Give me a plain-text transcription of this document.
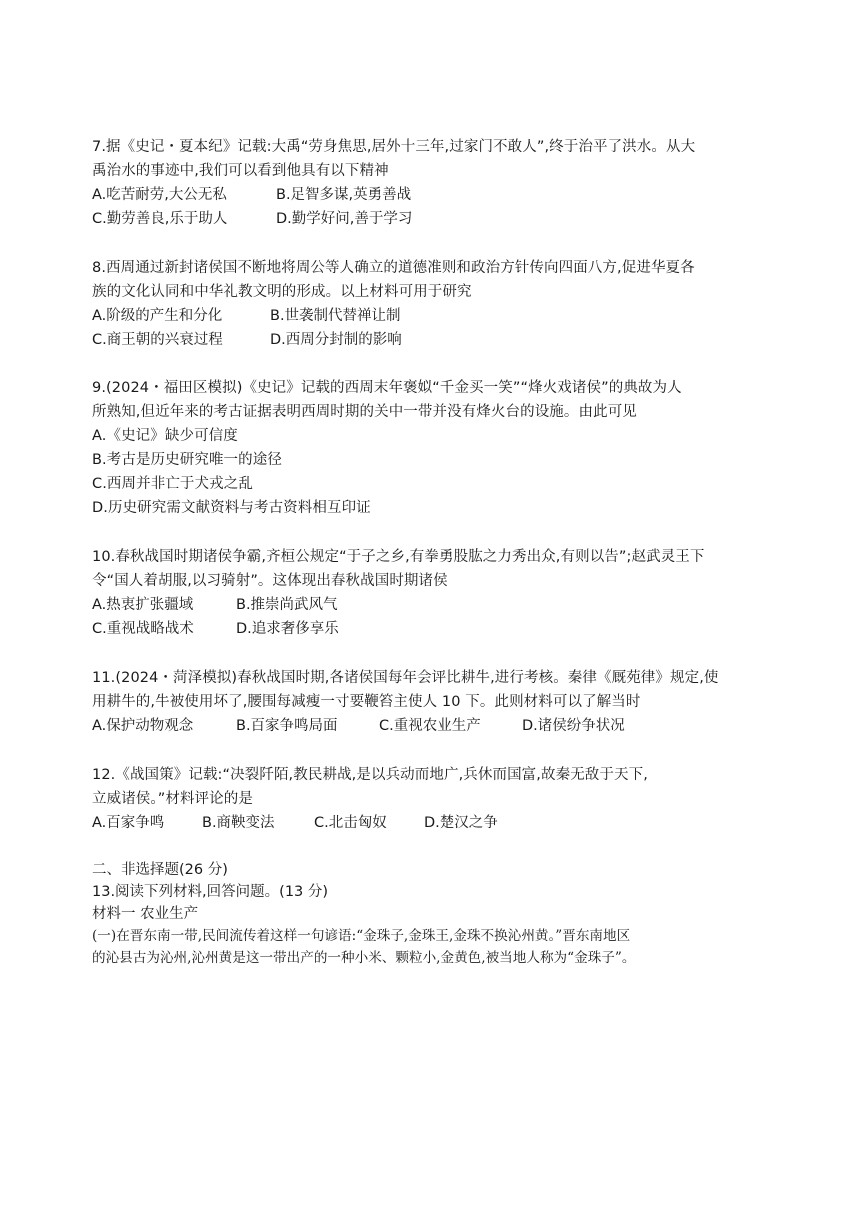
7.据《史记・夏本纪》记载:大禹“劳身焦思,居外十三年,过家门不敢人”,终于治平了洪水。从大
禹治水的事迹中,我们可以看到他具有以下精神
A.吃苦耐劳,大公无私	B.足智多谋,英勇善战
C.勤劳善良,乐于助人	D.勤学好问,善于学习
8.西周通过新封诸侯国不断地将周公等人确立的道德准则和政治方针传向四面八方,促进华夏各
族的文化认同和中华礼教文明的形成。以上材料可用于研究
A.阶级的产生和分化	B.世袭制代替禅让制
C.商王朝的兴衰过程	D.西周分封制的影响
9.(2024・福田区模拟)《史记》记载的西周末年褒姒“千金买一笑”“烽火戏诸侯”的典故为人
所熟知,但近年来的考古证据表明西周时期的关中一带并没有烽火台的设施。由此可见
A.《史记》缺少可信度
B.考古是历史研究唯一的途径
C.西周并非亡于犬戎之乱
D.历史研究需文献资料与考古资料相互印证
10.春秋战国时期诸侯争霸,齐桓公规定“于子之乡,有拳勇股肱之力秀出众,有则以告”;赵武灵王下
令“国人着胡服,以习骑射”。这体现出春秋战国时期诸侯
A.热衷扩张疆域	B.推崇尚武风气
C.重视战略战术	D.追求奢侈享乐
11.(2024・菏泽模拟)春秋战国时期,各诸侯国每年会评比耕牛,进行考核。秦律《厩苑律》规定,使
用耕牛的,牛被使用坏了,腰围每减瘦一寸要鞭笞主使人 10 下。此则材料可以了解当时
A.保护动物观念	B.百家争鸣局面	C.重视农业生产	D.诸侯纷争状况
12.《战国策》记载:“决裂阡陌,教民耕战,是以兵动而地广,兵休而国富,故秦无敌于天下,
立威诸侯。”材料评论的是
A.百家争鸣	B.商鞅变法	C.北击匈奴	D.楚汉之争
二、非选择题(26 分)
13.阅读下列材料,回答问题。(13 分)
材料一 农业生产
(一)在晋东南一带,民间流传着这样一句谚语:“金珠子,金珠王,金珠不换沁州黄。”晋东南地区
的沁县古为沁州,沁州黄是这一带出产的一种小米、颗粒小,金黄色,被当地人称为“金珠子”。
